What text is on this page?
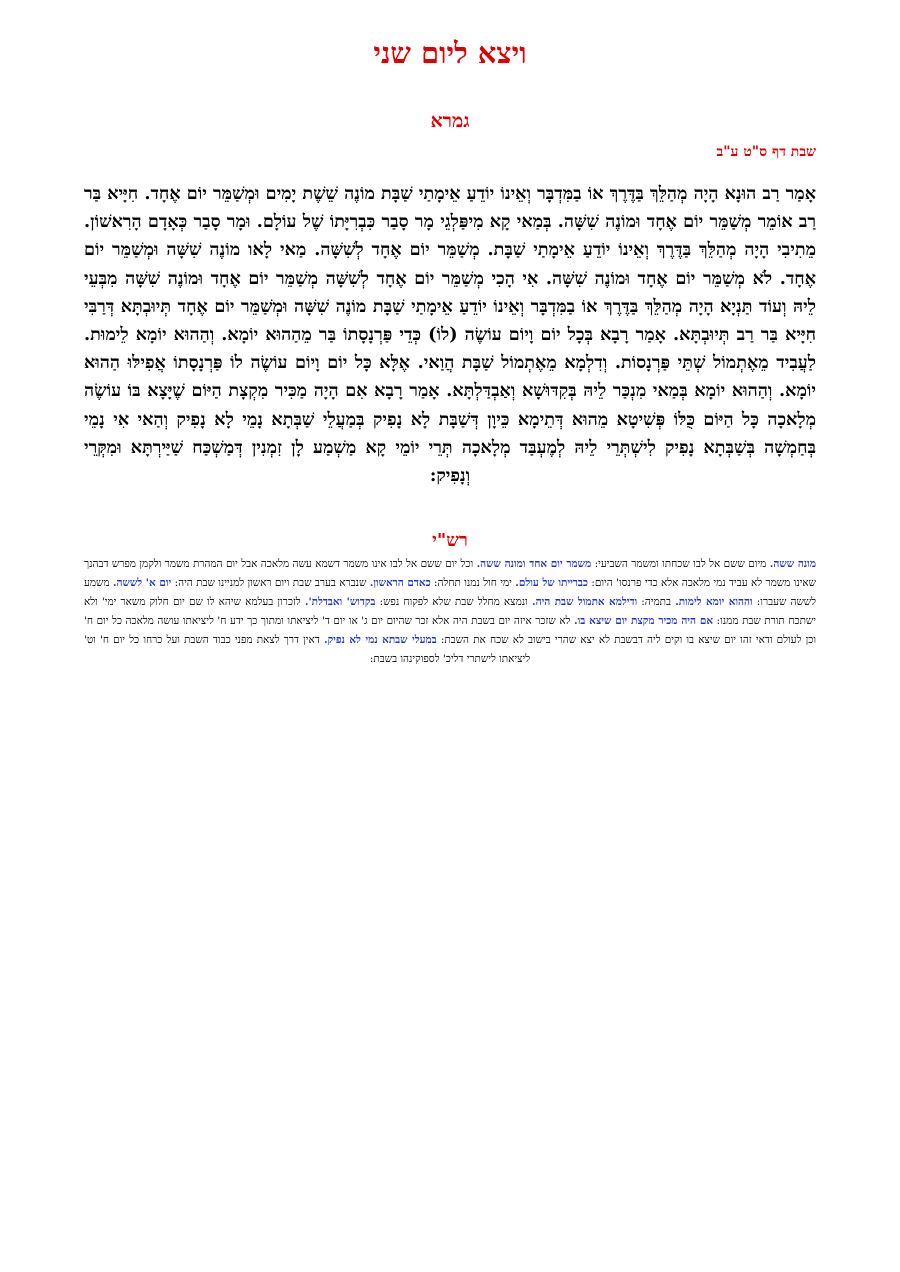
ויצא ליום שני
גמרא
שבת דף ס"ט ע"ב
אָמַר רַב הוּנָא הָיָה מְהַלֵּךְ בַּדֶּרֶךְ אוֹ בַמִּדְבָּר וְאֵינוֹ יוֹדֵעַ אֵימָתַי שַׁבָּת מוֹנֶה שֵׁשֶׁת יָמִים וּמְשַׁמֵּר יוֹם אֶחָד. חִיָּיא בַּר רַב אוֹמֵר מְשַׁמֵּר יוֹם אֶחָד וּמוֹנֶה שִׁשָּׁה. בְּמַאי קָא מִיפַּלְגֵי מָר סָבַר כִּבְרִיָּתוֹ שֶׁל עוֹלָם. וּמָר סָבַר כְּאָדָם הָרִאשׁוֹן. מֵתִיבִי הָיָה מְהַלֵּךְ בַּדֶּרֶךְ וְאֵינוֹ יוֹדֵעַ אֵימָתַי שַׁבָּת. מְשַׁמֵּר יוֹם אֶחָד לְשִׁשָּׁה. מַאי לָאו מוֹנֶה שִׁשָּׁה וּמְשַׁמֵּר יוֹם אֶחָד. לֹא מְשַׁמֵּר יוֹם אֶחָד וּמוֹנֶה שִׁשָּׁה. אִי הָכִי מְשַׁמֵּר יוֹם אֶחָד לְשִׁשָּׁה מְשַׁמֵּר יוֹם אֶחָד וּמוֹנֶה שִׁשָּׁה מִבְּעֵי לֵיהּ וְעוֹד תַּנְיָא הָיָה מְהַלֵּךְ בַּדֶּרֶךְ אוֹ בַמִּדְבָּר וְאֵינוֹ יוֹדֵעַ אֵימָתַי שַׁבָּת מוֹנֶה שִׁשָּׁה וּמְשַׁמֵּר יוֹם אֶחָד תְּיוּבְתָּא דְּרַבִּי חִיָּיא בַּר רַב תְּיוּבְתָּא. אָמַר רָבָא בְּכָל יוֹם וָיוֹם עוֹשֶׂה (לוֹ) כְּדֵי פַּרְנָסָתוֹ בַּר מֵהַהוּא יוֹמָא. וְהַהוּא יוֹמָא לֵימוּת. לַעֲבִיד מֵאֶתְמוֹל שְׁתֵּי פַּרְנָסוֹת. וְדִלְמָא מֵאֶתְמוֹל שַׁבָּת הֲוַאי. אֶלָּא כָּל יוֹם וָיוֹם עוֹשֶׂה לוֹ פַּרְנָסָתוֹ אֲפִילּוּ הַהוּא יוֹמָא. וְהַהוּא יוֹמָא בְּמַאי מִנְכַּר לֵיהּ בְּקִדּוּשָׁא וְאַבְדַּלְתָּא. אָמַר רָבָא אִם הָיָה מַכִּיר מִקְצָת הַיּוֹם שֶׁיָּצָא בּוֹ עוֹשֶׂה מְלָאכָה כָּל הַיּוֹם כֻּלּוֹ פְּשִׁיטָא מֵהוּא דְּתֵימָא כֵּיוָן דְּשַׁבָּת לָא נָפִיק בְּמַעֲלֵי שַׁבְּתָא נָמֵי לָא נָפִיק וְהַאי אִי נָמֵי בְּחַמְשָׁה בְּשַׁבְּתָא נָפִיק לִישְׁתְּרֵי לֵיהּ לְמֶעְבַּד מְלָאכָה תְּרֵי יוֹמֵי קָא מַשְׁמַע לָן זִמְנִין דְּמַשְׁכַּח שַׁיַּירְתָּא וּמִקְּרֵי וְנָפִיק:
רש"י
מונה ששה. מיום ששם אל לבו שכחתו ומשמר השביעי: משמר יום אחד ומונה ששה. וכל יום ששם אל לבו אינו משמר דשמא עשה מלאכה אבל יום המהרת משמר ולקמן מפרש דבהנך שאינו משמר לא עביד נמי מלאכה אלא כדי פרנסו' היום: כברייתו של עולם. ימי חול נמנו תחלה: כאדם הראשון. שנברא בערב שבת ויום ראשון למניינו שבת היה: יום א' לששה. משמע לששה שעברו: וההוא יומא לימות. בתמיה: ודילמא אתמול שבת היה. ונמצא מחלל שבת שלא לפקוח נפש: בקדוש' ואבדלת'. לזכרון בעלמא שיהא לו שם יום חלוק משאר ימי' ולא ישתכח תורת שבת ממנו: אם היה מכיר מקצת יום שיצא בו. לא שזכר איזה יום בשבת היה אלא זכר שהיום יום ג' או יום ד' ליציאתו ומתוך כך ידע ח' ליציאתו עושה מלאכה כל יום ח' וכן לעולם ודאי זהו יום שיצא בו וקים ליה דבשבת לא יצא שהרי בישוב לא שכח את השבת: במעלי שבתא נמי לא נפיק. דאין דרך לצאת מפני כבוד השבת ועל כרחו כל יום ח' וט' ליציאתו לישתרי דליכ' לספוקינהו בשבת:
